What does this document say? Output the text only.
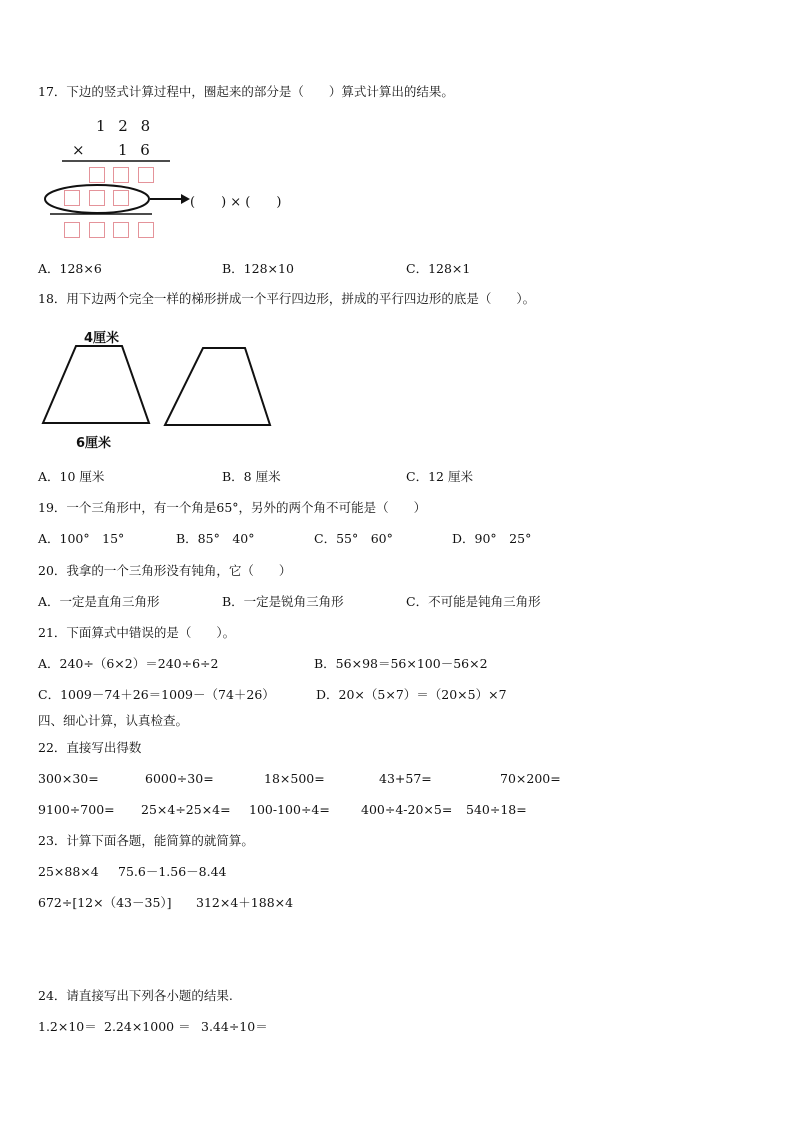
17．下边的竖式计算过程中，圈起来的部分是（　　）算式计算出的结果。
1 2 8
× 1 6
(　　) × (　　)
A．128×6	B．128×10	C．128×1
18．用下边两个完全一样的梯形拼成一个平行四边形，拼成的平行四边形的底是（　　）。
4厘米
6厘米
A．10 厘米	B．8 厘米	C．12 厘米
19．一个三角形中，有一个角是65°，另外的两个角不可能是（　　）
A．100°　15°	B．85°　40°	C．55°　60°	D．90°　25°
20．我拿的一个三角形没有钝角，它（　　）
A．一定是直角三角形	B．一定是锐角三角形	C．不可能是钝角三角形
21．下面算式中错误的是（　　）。
A．240÷（6×2）＝240÷6÷2	B．56×98＝56×100－56×2
C．1009－74＋26＝1009－（74＋26）	D．20×（5×7）＝（20×5）×7
四、细心计算，认真检查。
22．直接写出得数
300×30=	6000÷30=	18×500=	43+57=	70×200=
9100÷700= 25×4÷25×4= 100-100÷4= 400÷4-20×5= 540÷18=
23．计算下面各题，能简算的就简算。
25×88×4 75.6－1.56－8.44
672÷[12×（43－35）] 312×4＋188×4
24．请直接写出下列各小题的结果.
1.2×10＝ 2.24×1000 ＝ 3.44÷10＝
